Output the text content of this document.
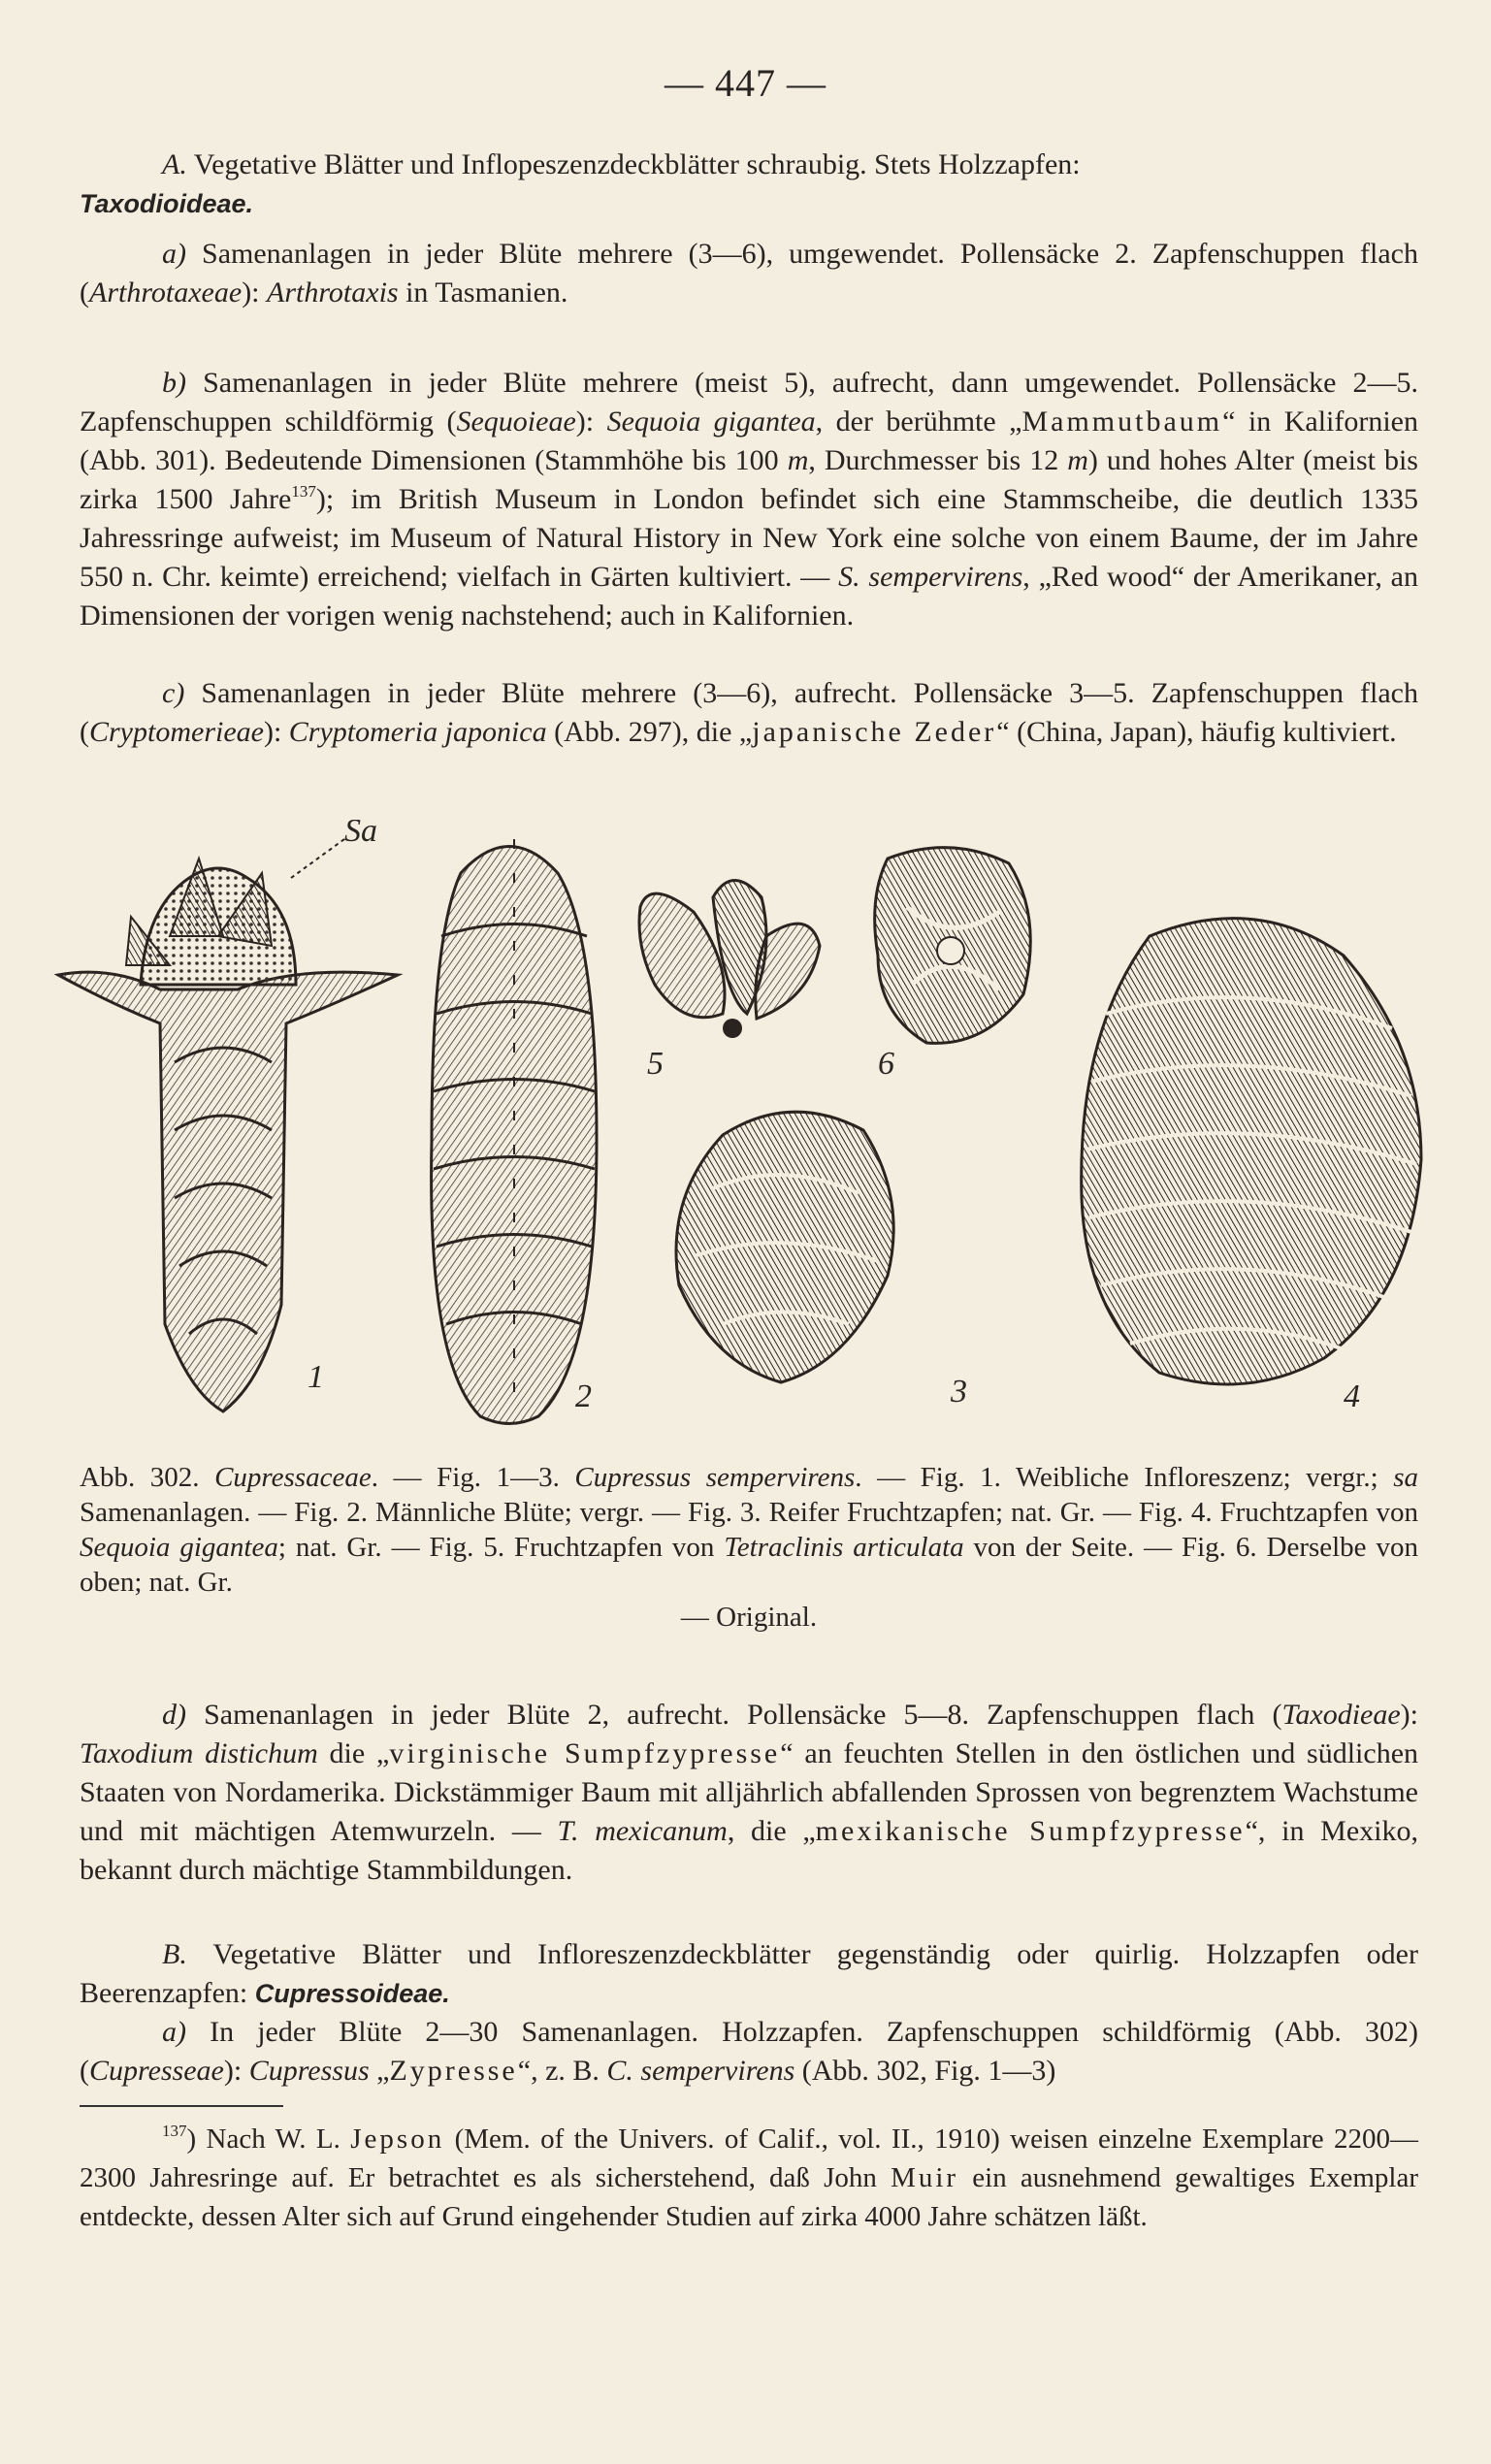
— 447 —

A. Vegetative Blätter und Inflореszenzdeckblätter schraubig. Stets Holzzapfen:
Taxodioideae.

a) Samenanlagen in jeder Blüte mehrere (3—6), umgewendet. Pollensäcke 2. Zapfenschuppen flach (Arthrotaxeae): Arthrotaxis in Tasmanien.

b) Samenanlagen in jeder Blüte mehrere (meist 5), aufrecht, dann umgewendet. Pollensäcke 2—5. Zapfenschuppen schildförmig (Sequoieae): Sequoia gigantea, der berühmte „Mammutbaum“ in Kalifornien (Abb. 301). Bedeutende Dimensionen (Stammhöhe bis 100 m, Durchmesser bis 12 m) und hohes Alter (meist bis zirka 1500 Jahre$^{137}$); im British Museum in London befindet sich eine Stammscheibe, die deutlich 1335 Jahressringe aufweist; im Museum of Natural History in New York eine solche von einem Baume, der im Jahre 550 n. Chr. keimte) erreichend; vielfach in Gärten kultiviert. — S. sempervirens, „Red wood“ der Amerikaner, an Dimensionen der vorigen wenig nachstehend; auch in Kalifornien.

c) Samenanlagen in jeder Blüte mehrere (3—6), aufrecht. Pollensäcke 3—5. Zapfenschuppen flach (Cryptomerieae): Cryptomeria japonica (Abb. 297), die „japanische Zeder“ (China, Japan), häufig kultiviert.

Sa
1
2
5	6
3	4

Abb. 302. Cupressaceae. — Fig. 1—3. Cupressus sempervirens. — Fig. 1. Weibliche Infloreszenz; vergr.; sa Samenanlagen. — Fig. 2. Männliche Blüte; vergr. — Fig. 3. Reifer Fruchtzapfen; nat. Gr. — Fig. 4. Fruchtzapfen von Sequoia gigantea; nat. Gr. — Fig. 5. Fruchtzapfen von Tetraclinis articulata von der Seite. — Fig. 6. Derselbe von oben; nat. Gr.
— Original.

d) Samenanlagen in jeder Blüte 2, aufrecht. Pollensäcke 5—8. Zapfenschuppen flach (Taxodieae): Taxodium distichum die „virginische Sumpfzypresse“ an feuchten Stellen in den östlichen und südlichen Staaten von Nordamerika. Dickstämmiger Baum mit alljährlich abfallenden Sprossen von begrenztem Wachstume und mit mächtigen Atemwurzeln. — T. mexicanum, die „mexikanische Sumpfzypresse“, in Mexiko, bekannt durch mächtige Stammbildungen.

B. Vegetative Blätter und Infloreszenzdeckblätter gegenständig oder quirlig. Holzzapfen oder Beerenzapfen: Cupressoideae.

a) In jeder Blüte 2—30 Samenanlagen. Holzzapfen. Zapfenschuppen schildförmig (Abb. 302) (Cupresseae): Cupressus „Zypresse“, z. B. C. sempervirens (Abb. 302, Fig. 1—3)

$^{137}$) Nach W. L. Jepson (Mem. of the Univers. of Calif., vol. II., 1910) weisen einzelne Exemplare 2200—2300 Jahresringe auf. Er betrachtet es als sicherstehend, daß John Muir ein ausnehmend gewaltiges Exemplar entdeckte, dessen Alter sich auf Grund eingehender Studien auf zirka 4000 Jahre schätzen läßt.
